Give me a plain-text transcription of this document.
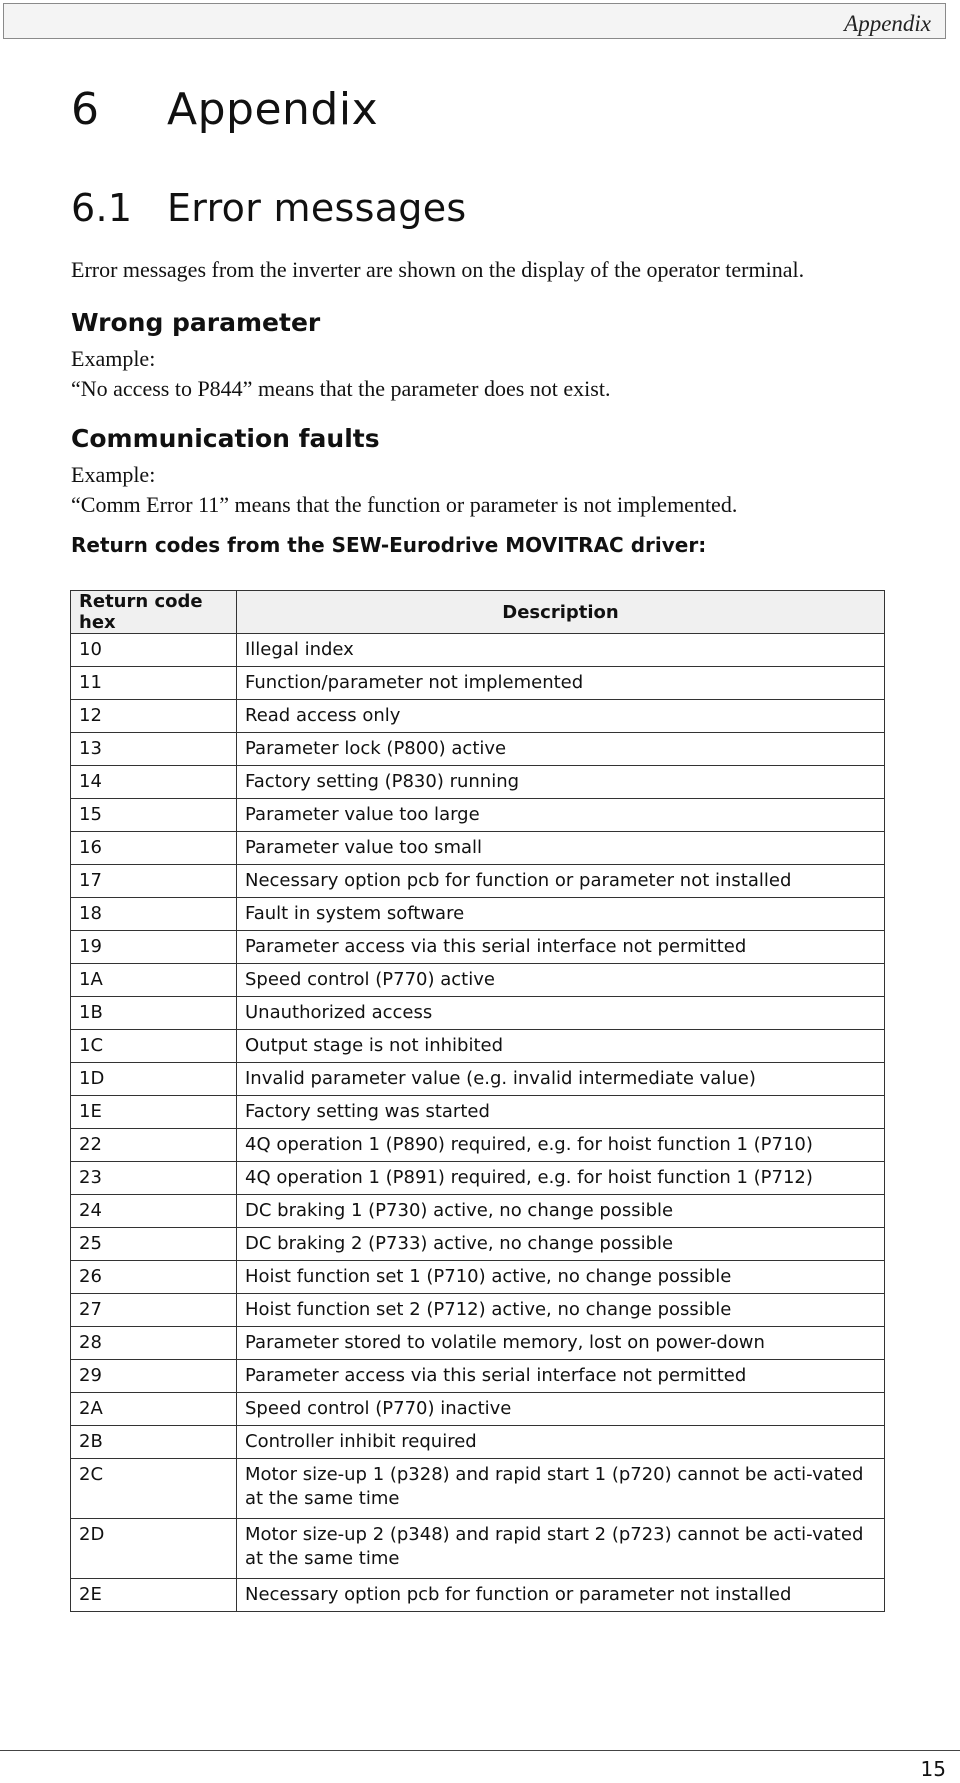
Appendix
6 Appendix
6.1 Error messages
Error messages from the inverter are shown on the display of the operator terminal.
Wrong parameter
Example:
“No access to P844” means that the parameter does not exist.
Communication faults
Example:
“Comm Error 11” means that the function or parameter is not implemented.
Return codes from the SEW-Eurodrive MOVITRAC driver:
Return code hex	Description
10	Illegal index
11	Function/parameter not implemented
12	Read access only
13	Parameter lock (P800) active
14	Factory setting (P830) running
15	Parameter value too large
16	Parameter value too small
17	Necessary option pcb for function or parameter not installed
18	Fault in system software
19	Parameter access via this serial interface not permitted
1A	Speed control (P770) active
1B	Unauthorized access
1C	Output stage is not inhibited
1D	Invalid parameter value (e.g. invalid intermediate value)
1E	Factory setting was started
22	4Q operation 1 (P890) required, e.g. for hoist function 1 (P710)
23	4Q operation 1 (P891) required, e.g. for hoist function 1 (P712)
24	DC braking 1 (P730) active, no change possible
25	DC braking 2 (P733) active, no change possible
26	Hoist function set 1 (P710) active, no change possible
27	Hoist function set 2 (P712) active, no change possible
28	Parameter stored to volatile memory, lost on power-down
29	Parameter access via this serial interface not permitted
2A	Speed control (P770) inactive
2B	Controller inhibit required
2C	Motor size-up 1 (p328) and rapid start 1 (p720) cannot be acti-vated at the same time
2D	Motor size-up 2 (p348) and rapid start 2 (p723) cannot be acti-vated at the same time
2E	Necessary option pcb for function or parameter not installed
15
